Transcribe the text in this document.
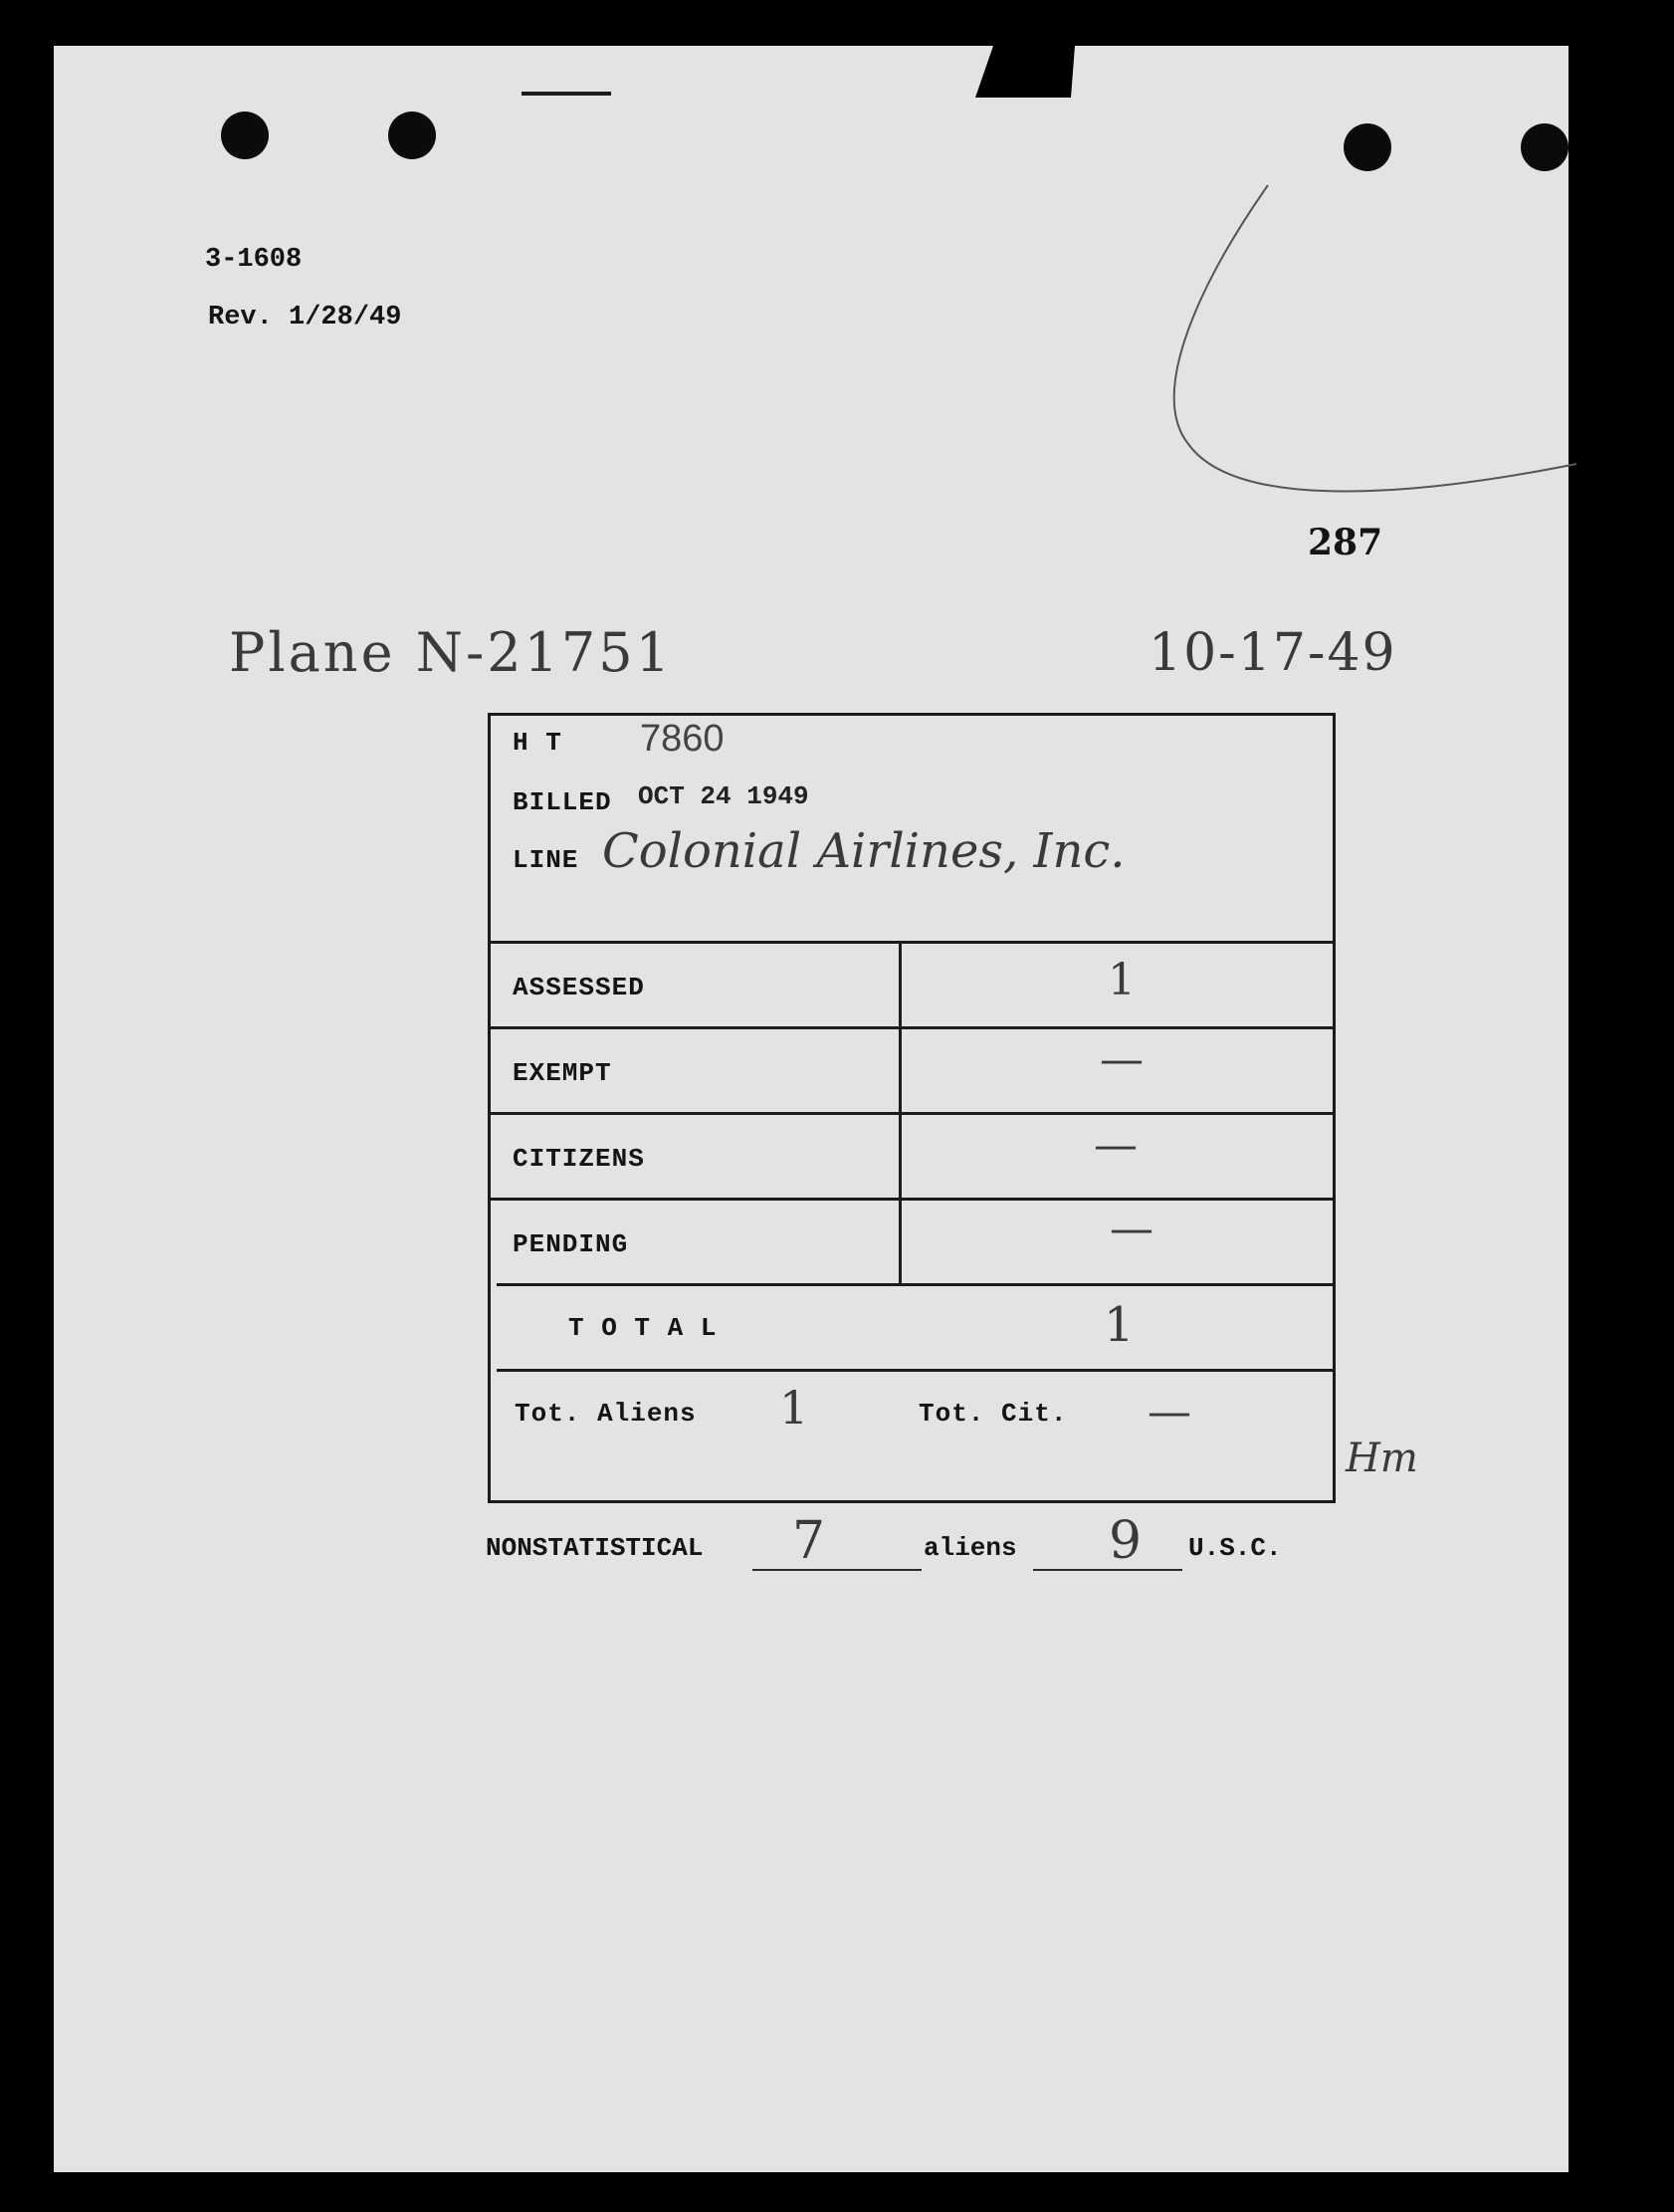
3-1608
Rev. 1/28/49
287
Plane N-21751	10-17-49
H T 7860
BILLED OCT 24 1949
LINE Colonial Airlines, Inc.
ASSESSED	1
EXEMPT	—
CITIZENS	—
PENDING	—
T O T A L	1
Tot. Aliens 1	Tot. Cit. —
Hm
NONSTATISTICAL 7	aliens 9 U.S.C.
